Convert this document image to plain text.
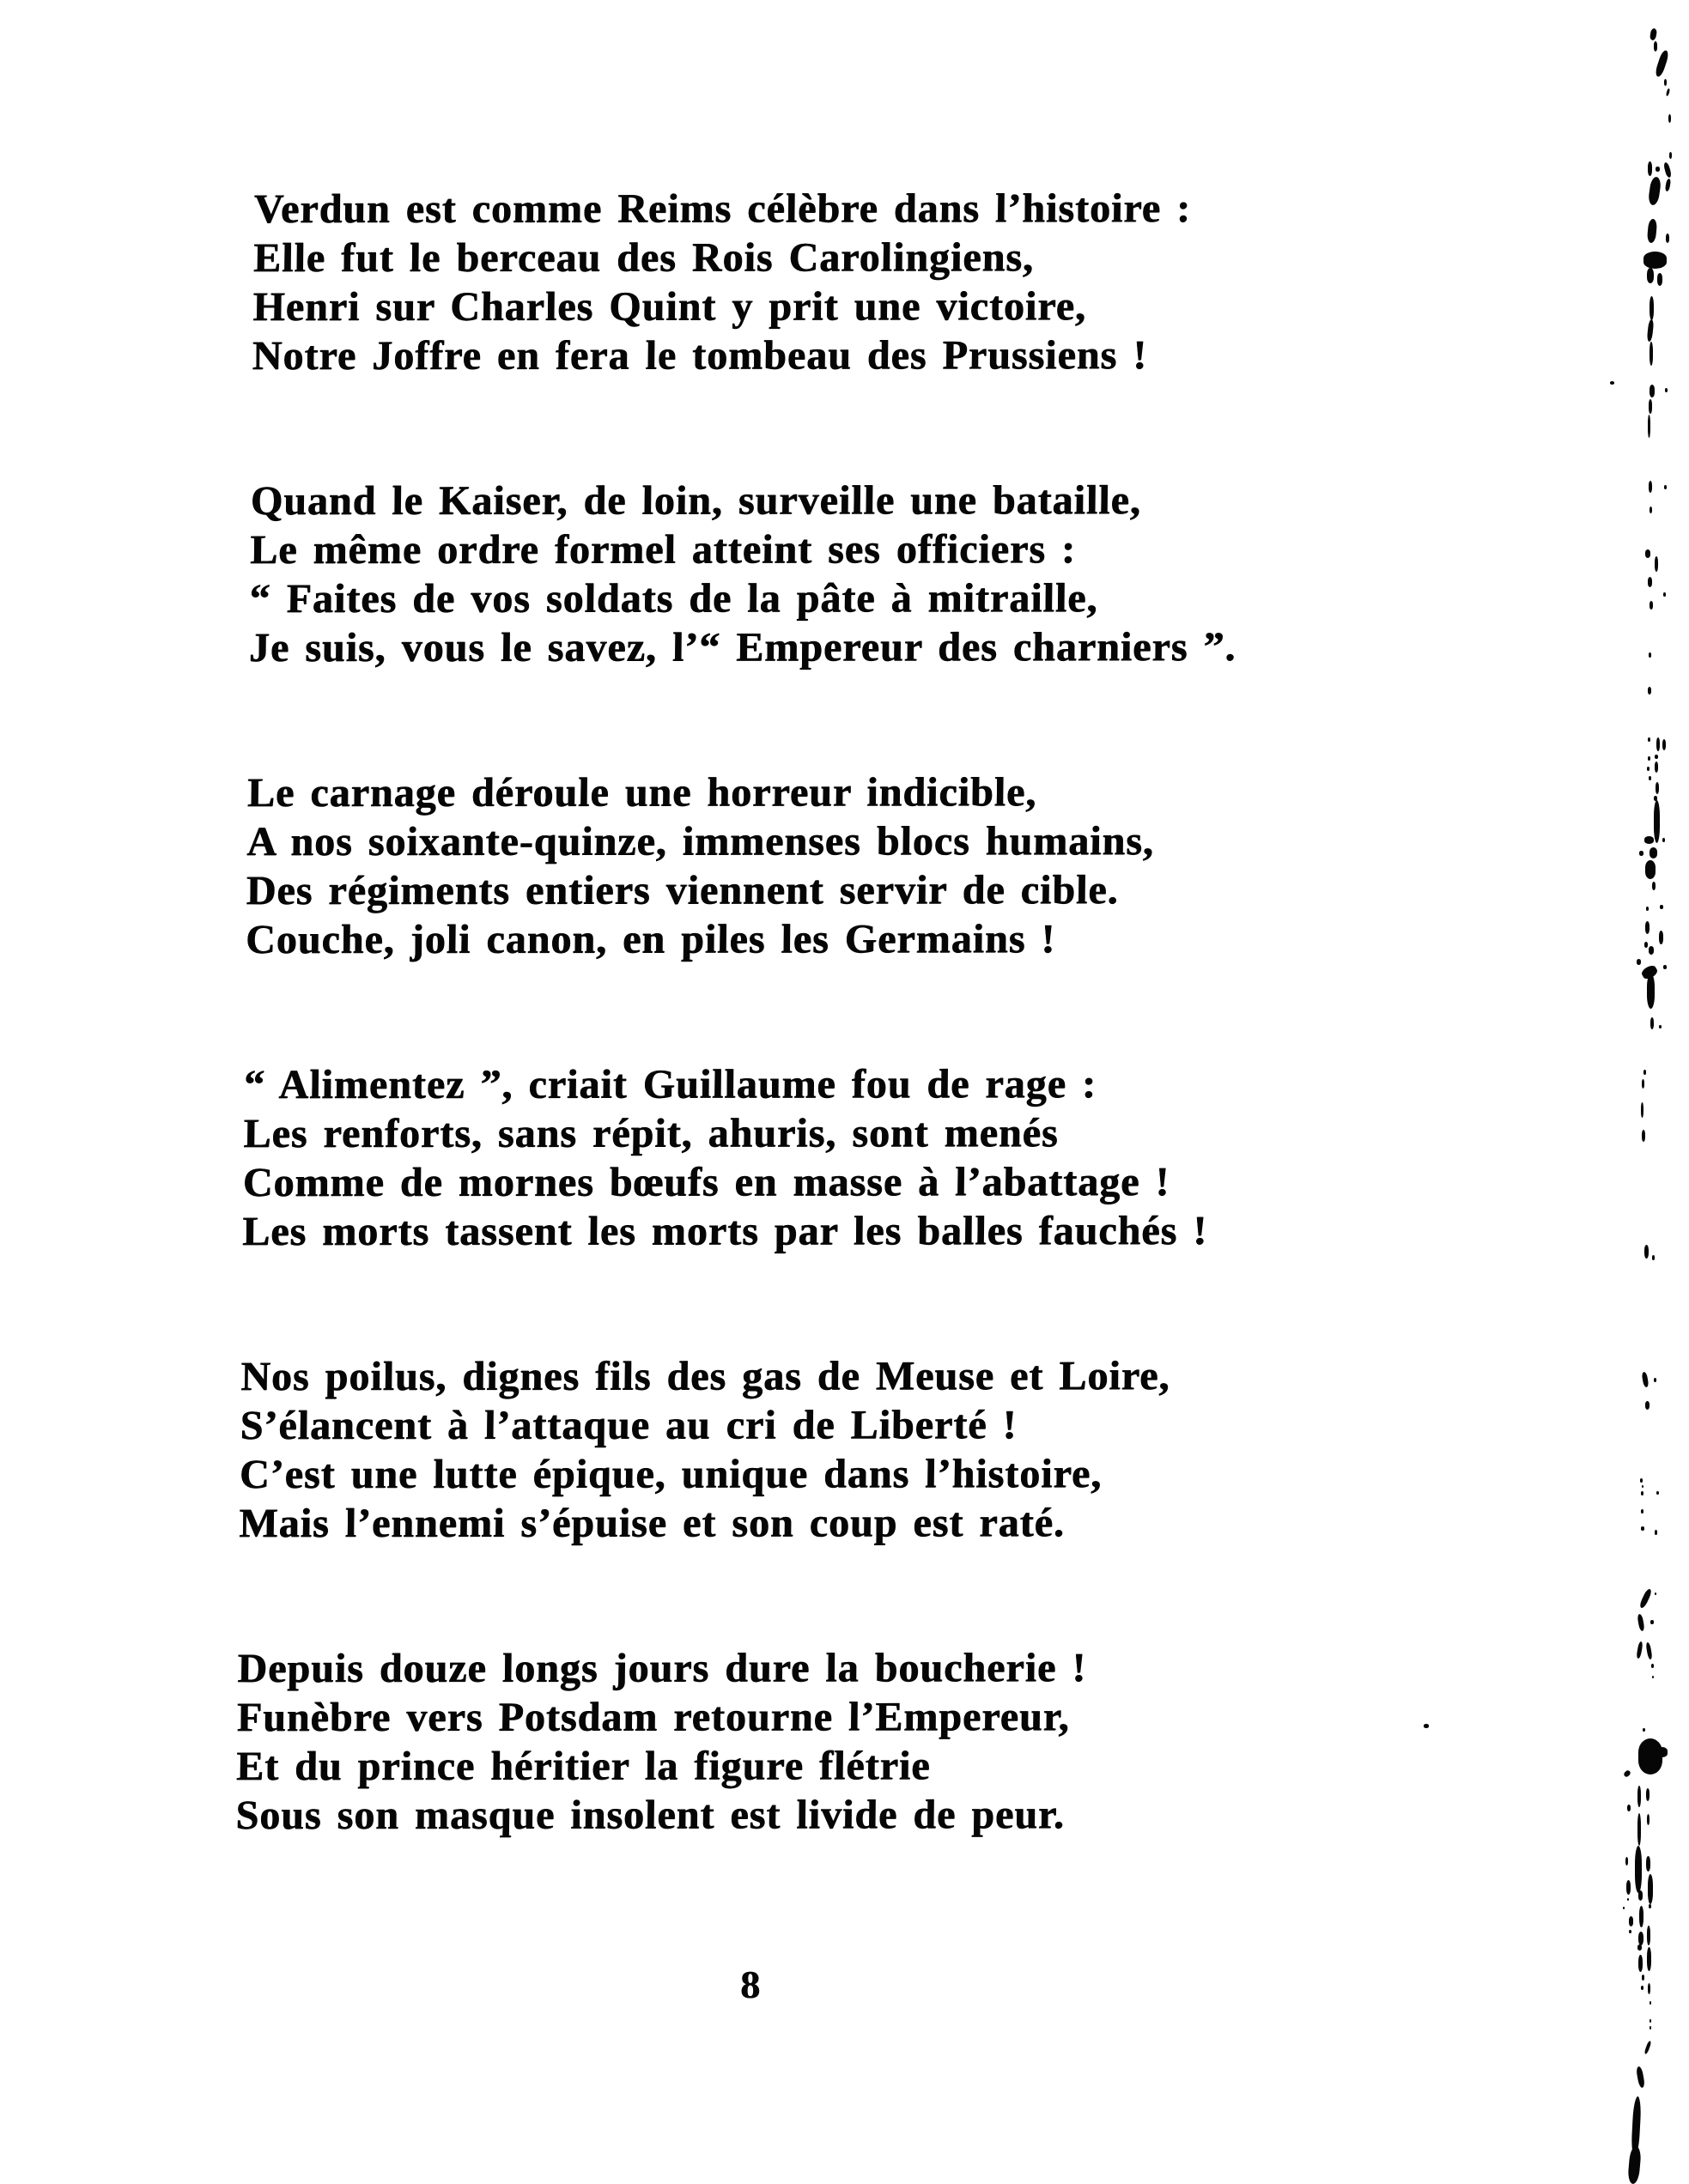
Verdun est comme Reims célèbre dans l’histoire :

Elle fut le berceau des Rois Carolingiens,

Henri sur Charles Quint y prit une victoire,

Notre Joffre en fera le tombeau des Prussiens !

Quand le Kaiser, de loin, surveille une bataille,

Le même ordre formel atteint ses officiers :

“ Faites de vos soldats de la pâte à mitraille,

Je suis, vous le savez, l’“ Empereur des charniers ”.

Le carnage déroule une horreur indicible,

A nos soixante-quinze, immenses blocs humains,

Des régiments entiers viennent servir de cible.

Couche, joli canon, en piles les Germains !

“ Alimentez ”, criait Guillaume fou de rage :

Les renforts, sans répit, ahuris, sont menés

Comme de mornes bœufs en masse à l’abattage !

Les morts tassent les morts par les balles fauchés !

Nos poilus, dignes fils des gas de Meuse et Loire,

S’élancent à l’attaque au cri de Liberté !

C’est une lutte épique, unique dans l’histoire,

Mais l’ennemi s’épuise et son coup est raté.

Depuis douze longs jours dure la boucherie !

Funèbre vers Potsdam retourne l’Empereur,

Et du prince héritier la figure flétrie

Sous son masque insolent est livide de peur.

8
